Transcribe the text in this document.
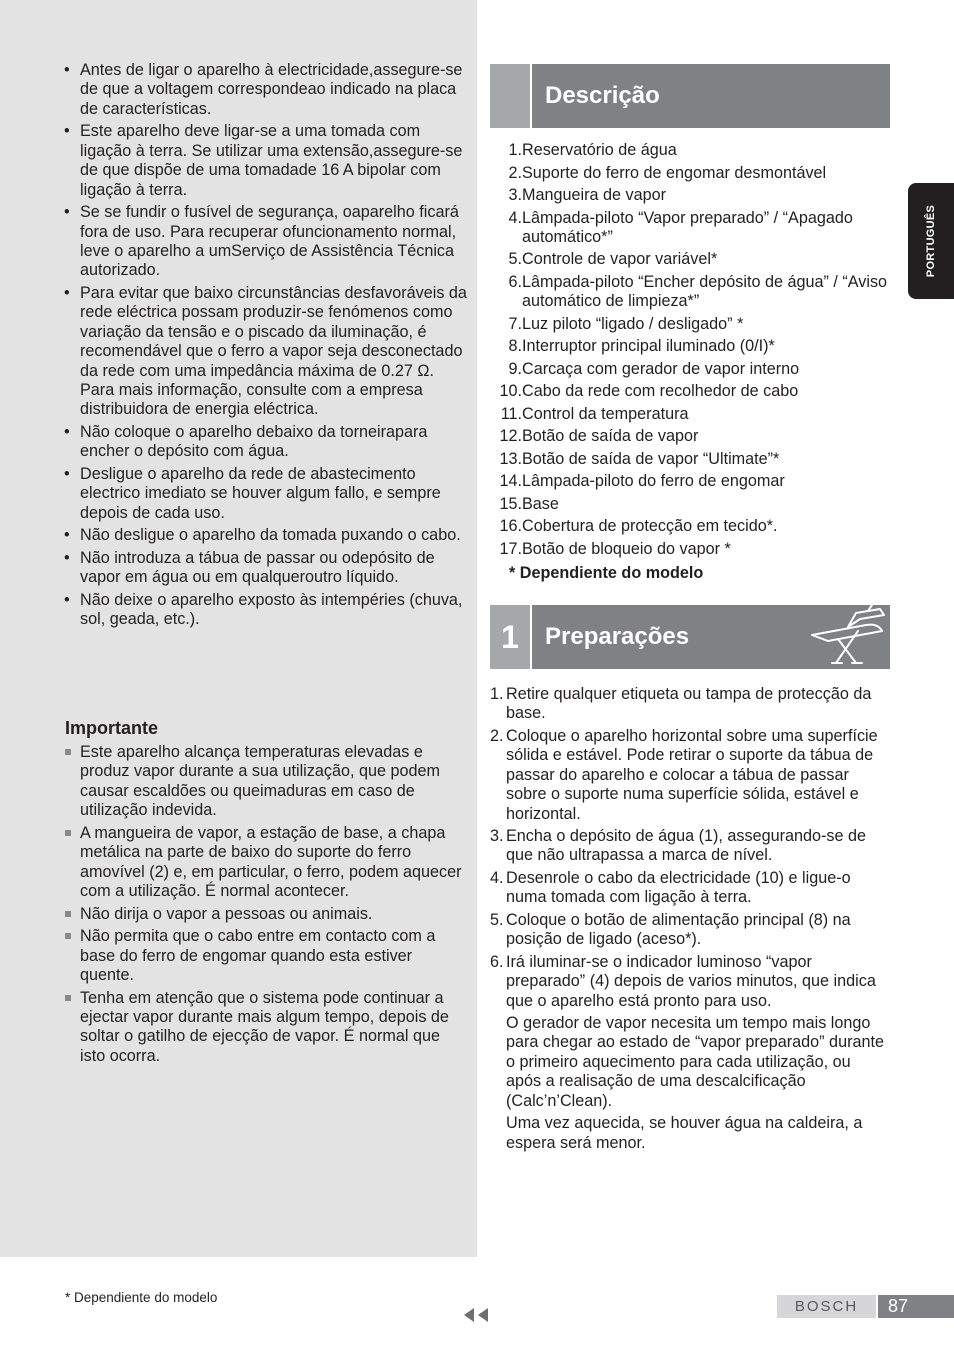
• Antes de ligar o aparelho à electricidade,assegure-se de que a voltagem correspondeao indicado na placa de características.
• Este aparelho deve ligar-se a uma tomada com ligação à terra. Se utilizar uma extensão,assegure-se de que dispõe de uma tomadade 16 A bipolar com ligação à terra.
• Se se fundir o fusível de segurança, oaparelho ficará fora de uso. Para recuperar ofuncionamento normal, leve o aparelho a umServiço de Assistência Técnica autorizado.
• Para evitar que baixo circunstâncias desfavoráveis da rede eléctrica possam produzir-se fenómenos como variação da tensão e o piscado da iluminação, é recomendável que o ferro a vapor seja desconectado da rede com uma impedância máxima de 0.27 Ω. Para mais informação, consulte com a empresa distribuidora de energia eléctrica.
• Não coloque o aparelho debaixo da torneirapara encher o depósito com água.
• Desligue o aparelho da rede de abastecimento electrico imediato se houver algum fallo, e sempre depois de cada uso.
• Não desligue o aparelho da tomada puxando o cabo.
• Não introduza a tábua de passar ou odepósito de vapor em água ou em qualqueroutro líquido.
• Não deixe o aparelho exposto às intempéries (chuva, sol, geada, etc.).
Importante
Este aparelho alcança temperaturas elevadas e produz vapor durante a sua utilização, que podem causar escaldões ou queimaduras em caso de utilização indevida.
A mangueira de vapor, a estação de base, a chapa metálica na parte de baixo do suporte do ferro amovível (2) e, em particular, o ferro, podem aquecer com a utilização. É normal acontecer.
Não dirija o vapor a pessoas ou animais.
Não permita que o cabo entre em contacto com a base do ferro de engomar quando esta estiver quente.
Tenha em atenção que o sistema pode continuar a ejectar vapor durante mais algum tempo, depois de soltar o gatilho de ejecção de vapor. É normal que isto ocorra.
Descrição
1. Reservatório de água
2. Suporte do ferro de engomar desmontável
3. Mangueira de vapor
4. Lâmpada-piloto “Vapor preparado” / “Apagado automático*”
5. Controle de vapor variável*
6. Lâmpada-piloto “Encher depósito de água” / “Aviso automático de limpieza*”
7. Luz piloto “ligado / desligado” *
8. Interruptor principal iluminado (0/I)*
9. Carcaça com gerador de vapor interno
10. Cabo da rede com recolhedor de cabo
11. Control da temperatura
12. Botão de saída de vapor
13. Botão de saída de vapor “Ultimate”*
14. Lâmpada-piloto do ferro de engomar
15. Base
16. Cobertura de protecção em tecido*.
17. Botão de bloqueio do vapor *
* Dependiente do modelo
1	Preparações
1. Retire qualquer etiqueta ou tampa de protecção da base.
2. Coloque o aparelho horizontal sobre uma superfície sólida e estável. Pode retirar o suporte da tábua de passar do aparelho e colocar a tábua de passar sobre o suporte numa superfície sólida, estável e horizontal.
3. Encha o depósito de água (1), assegurando-se de que não ultrapassa a marca de nível.
4. Desenrole o cabo da electricidade (10) e ligue-o numa tomada com ligação à terra.
5. Coloque o botão de alimentação principal (8) na posição de ligado (aceso*).
6. Irá iluminar-se o indicador luminoso “vapor preparado” (4) depois de varios minutos, que indica que o aparelho está pronto para uso.

O gerador de vapor necesita um tempo mais longo para chegar ao estado de “vapor preparado” durante o primeiro aquecimento para cada utilização, ou após a realisação de uma descalcificação (Calc’n’Clean).

Uma vez aquecida, se houver água na caldeira, a espera será menor.

PORTUGUÊS
* Dependiente do modelo
BOSCH	87
